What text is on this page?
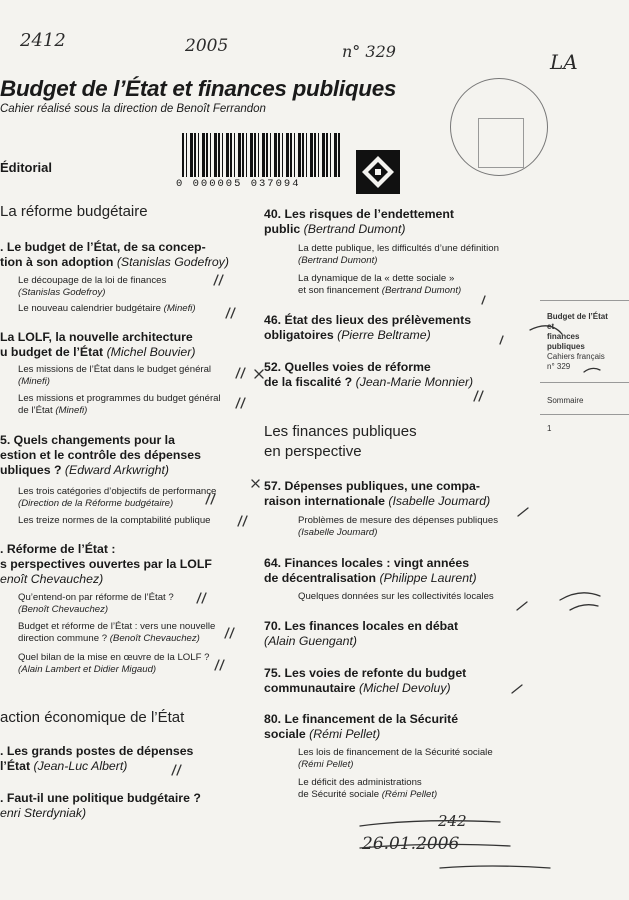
2412	2005	n° 329	LA
Budget de l’État et finances publiques
Cahier réalisé sous la direction de Benoît Ferrandon
Éditorial
0 000005 037094
Budget de l’État
et
finances
publiques
Cahiers français
n° 329
Sommaire
1
La réforme budgétaire
. Le budget de l’État, de sa concep-
tion à son adoption (Stanislas Godefroy)
Le découpage de la loi de finances
(Stanislas Godefroy)
Le nouveau calendrier budgétaire (Minefi)
La LOLF, la nouvelle architecture
u budget de l’État (Michel Bouvier)
Les missions de l’État dans le budget général
(Minefi)
Les missions et programmes du budget général
de l’État (Minefi)
5. Quels changements pour la
estion et le contrôle des dépenses
ubliques ? (Edward Arkwright)
Les trois catégories d’objectifs de performance
(Direction de la Réforme budgétaire)
Les treize normes de la comptabilité publique
. Réforme de l’État :
s perspectives ouvertes par la LOLF
enoît Chevauchez)
Qu’entend-on par réforme de l’État ?
(Benoît Chevauchez)
Budget et réforme de l’État : vers une nouvelle
direction commune ? (Benoît Chevauchez)
Quel bilan de la mise en œuvre de la LOLF ?
(Alain Lambert et Didier Migaud)
action économique de l’État
. Les grands postes de dépenses
l’État (Jean-Luc Albert)
. Faut-il une politique budgétaire ?
enri Sterdyniak)
40. Les risques de l’endettement
public (Bertrand Dumont)
La dette publique, les difficultés d’une définition
(Bertrand Dumont)
La dynamique de la « dette sociale »
et son financement (Bertrand Dumont)
46. État des lieux des prélèvements
obligatoires (Pierre Beltrame)
52. Quelles voies de réforme
de la fiscalité ? (Jean-Marie Monnier)
Les finances publiques
en perspective
57. Dépenses publiques, une compa-
raison internationale (Isabelle Joumard)
Problèmes de mesure des dépenses publiques
(Isabelle Joumard)
64. Finances locales : vingt années
de décentralisation (Philippe Laurent)
Quelques données sur les collectivités locales
70. Les finances locales en débat
(Alain Guengant)
75. Les voies de refonte du budget
communautaire (Michel Devoluy)
80. Le financement de la Sécurité
sociale (Rémi Pellet)
Les lois de financement de la Sécurité sociale
(Rémi Pellet)
Le déficit des administrations
de Sécurité sociale (Rémi Pellet)
242
26.01.2006
